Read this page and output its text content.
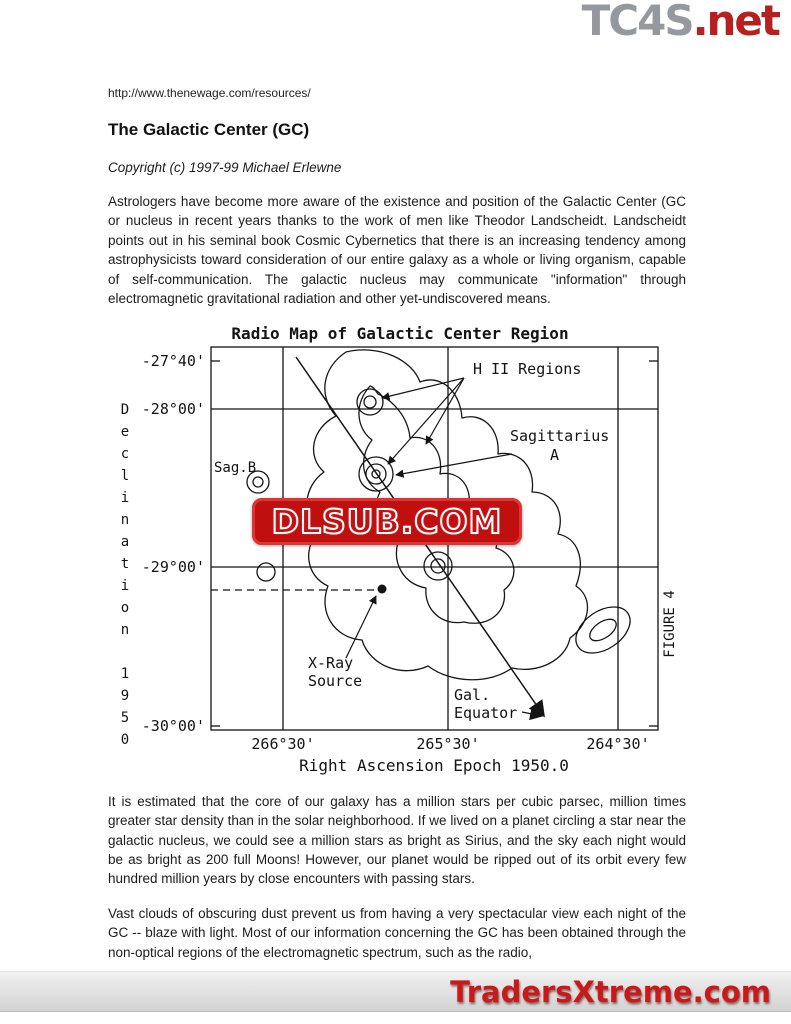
TC4S.net
http://www.thenewage.com/resources/
The Galactic Center (GC)
Copyright (c) 1997-99 Michael Erlewne

Astrologers have become more aware of the existence and position of the Galactic Center (GC or nucleus in recent years thanks to the work of men like Theodor Landscheidt. Landscheidt points out in his seminal book Cosmic Cybernetics that there is an increasing tendency among astrophysicists toward consideration of our entire galaxy as a whole or living organism, capable of self-communication. The galactic nucleus may communicate "information" through electromagnetic gravitational radiation and other yet-undiscovered means.

Declination 1950
Radio Map of Galactic Center Region
-27°40'
-28°00'
-29°00'
-30°00'
266°30'	265°30'	264°30'
Right Ascension Epoch 1950.0
FIGURE 4
H II Regions
Sagittarius
A
Sag.B
X-Ray
Source
Gal.
Equator
DLSUB.COM

It is estimated that the core of our galaxy has a million stars per cubic parsec, million times greater star density than in the solar neighborhood. If we lived on a planet circling a star near the galactic nucleus, we could see a million stars as bright as Sirius, and the sky each night would be as bright as 200 full Moons! However, our planet would be ripped out of its orbit every few hundred million years by close encounters with passing stars.

Vast clouds of obscuring dust prevent us from having a very spectacular view each night of the GC -- blaze with light. Most of our information concerning the GC has been obtained through the non-optical regions of the electromagnetic spectrum, such as the radio,

TradersXtreme.com
